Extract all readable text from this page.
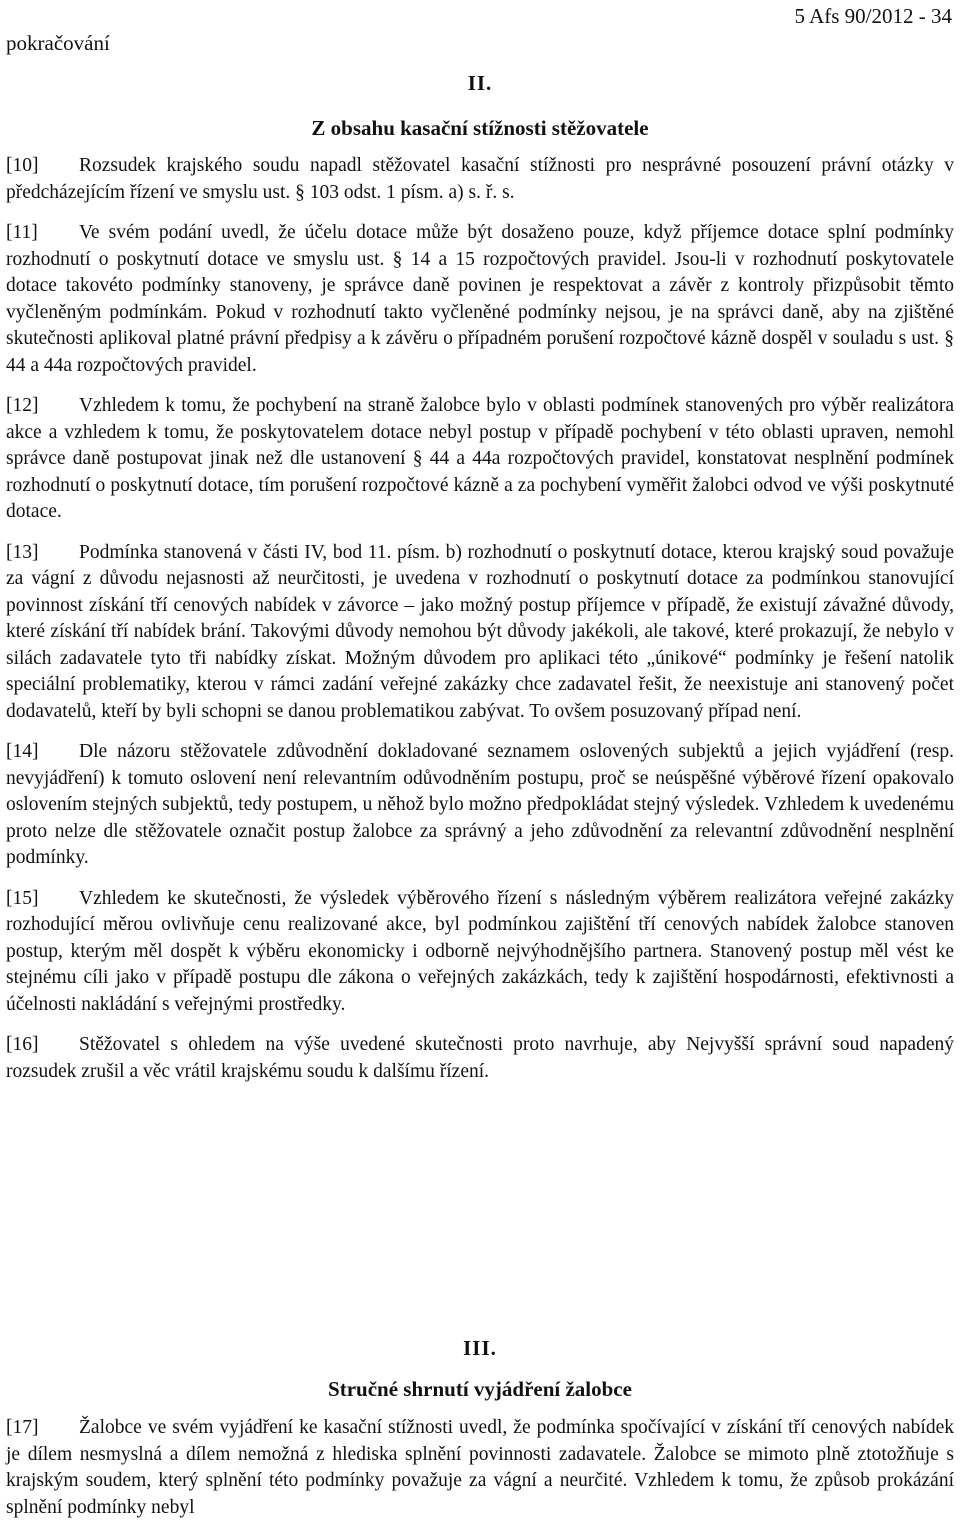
pokračování
5 Afs 90/2012 - 34
II.
Z obsahu kasační stížnosti stěžovatele

[10] Rozsudek krajského soudu napadl stěžovatel kasační stížnosti pro nesprávné posouzení právní otázky v předcházejícím řízení ve smyslu ust. § 103 odst. 1 písm. a) s. ř. s.

[11] Ve svém podání uvedl, že účelu dotace může být dosaženo pouze, když příjemce dotace splní podmínky rozhodnutí o poskytnutí dotace ve smyslu ust. § 14 a 15 rozpočtových pravidel. Jsou-li v rozhodnutí poskytovatele dotace takovéto podmínky stanoveny, je správce daně povinen je respektovat a závěr z kontroly přizpůsobit těmto vyčleněným podmínkám. Pokud v rozhodnutí takto vyčleněné podmínky nejsou, je na správci daně, aby na zjištěné skutečnosti aplikoval platné právní předpisy a k závěru o případném porušení rozpočtové kázně dospěl v souladu s ust. § 44 a 44a rozpočtových pravidel.

[12] Vzhledem k tomu, že pochybení na straně žalobce bylo v oblasti podmínek stanovených pro výběr realizátora akce a vzhledem k tomu, že poskytovatelem dotace nebyl postup v případě pochybení v této oblasti upraven, nemohl správce daně postupovat jinak než dle ustanovení § 44 a 44a rozpočtových pravidel, konstatovat nesplnění podmínek rozhodnutí o poskytnutí dotace, tím porušení rozpočtové kázně a za pochybení vyměřit žalobci odvod ve výši poskytnuté dotace.

[13] Podmínka stanovená v části IV, bod 11. písm. b) rozhodnutí o poskytnutí dotace, kterou krajský soud považuje za vágní z důvodu nejasnosti až neurčitosti, je uvedena v rozhodnutí o poskytnutí dotace za podmínkou stanovující povinnost získání tří cenových nabídek v závorce – jako možný postup příjemce v případě, že existují závažné důvody, které získání tří nabídek brání. Takovými důvody nemohou být důvody jakékoli, ale takové, které prokazují, že nebylo v silách zadavatele tyto tři nabídky získat. Možným důvodem pro aplikaci této „únikové“ podmínky je řešení natolik speciální problematiky, kterou v rámci zadání veřejné zakázky chce zadavatel řešit, že neexistuje ani stanovený počet dodavatelů, kteří by byli schopni se danou problematikou zabývat. To ovšem posuzovaný případ není.

[14] Dle názoru stěžovatele zdůvodnění dokladované seznamem oslovených subjektů a jejich vyjádření (resp. nevyjádření) k tomuto oslovení není relevantním odůvodněním postupu, proč se neúspěšné výběrové řízení opakovalo oslovením stejných subjektů, tedy postupem, u něhož bylo možno předpokládat stejný výsledek. Vzhledem k uvedenému proto nelze dle stěžovatele označit postup žalobce za správný a jeho zdůvodnění za relevantní zdůvodnění nesplnění podmínky.

[15] Vzhledem ke skutečnosti, že výsledek výběrového řízení s následným výběrem realizátora veřejné zakázky rozhodující měrou ovlivňuje cenu realizované akce, byl podmínkou zajištění tří cenových nabídek žalobce stanoven postup, kterým měl dospět k výběru ekonomicky i odborně nejvýhodnějšího partnera. Stanovený postup měl vést ke stejnému cíli jako v případě postupu dle zákona o veřejných zakázkách, tedy k zajištění hospodárnosti, efektivnosti a účelnosti nakládání s veřejnými prostředky.

[16] Stěžovatel s ohledem na výše uvedené skutečnosti proto navrhuje, aby Nejvyšší správní soud napadený rozsudek zrušil a věc vrátil krajskému soudu k dalšímu řízení.

III.
Stručné shrnutí vyjádření žalobce

[17] Žalobce ve svém vyjádření ke kasační stížnosti uvedl, že podmínka spočívající v získání tří cenových nabídek je dílem nesmyslná a dílem nemožná z hlediska splnění povinnosti zadavatele. Žalobce se mimoto plně ztotožňuje s krajským soudem, který splnění této podmínky považuje za vágní a neurčité. Vzhledem k tomu, že způsob prokázání splnění podmínky nebyl
